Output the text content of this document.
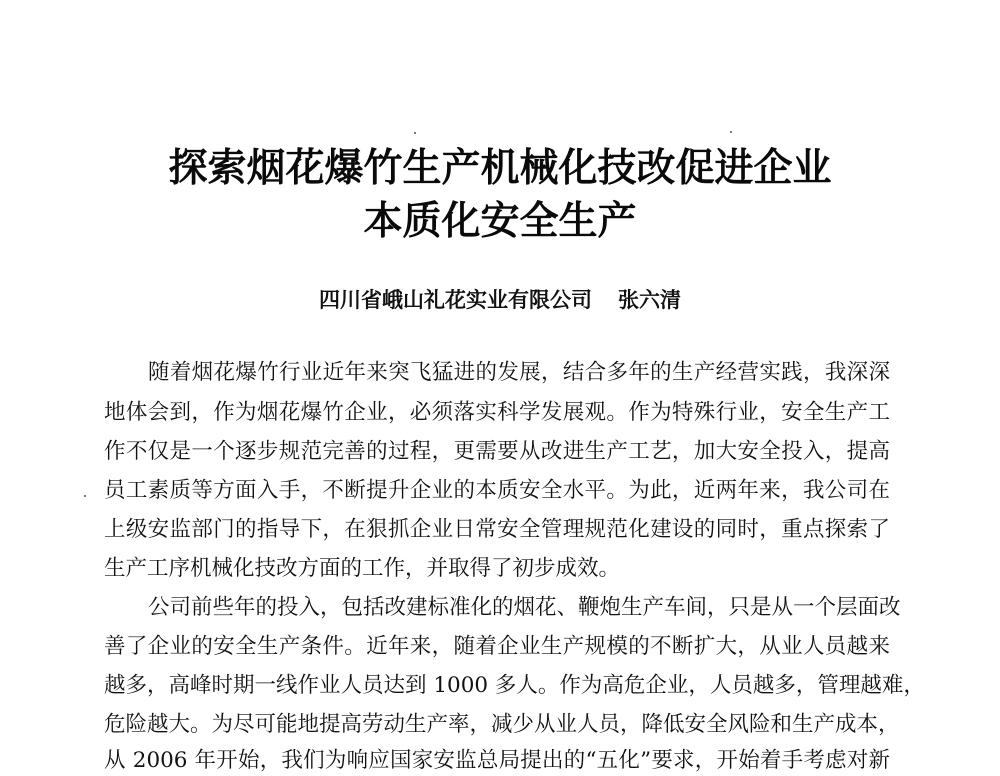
探索烟花爆竹生产机械化技改促进企业
本质化安全生产
四川省峨山礼花实业有限公司 张六清
随着烟花爆竹行业近年来突飞猛进的发展，结合多年的生产经营实践，我深深
地体会到，作为烟花爆竹企业，必须落实科学发展观。作为特殊行业，安全生产工
作不仅是一个逐步规范完善的过程，更需要从改进生产工艺，加大安全投入，提高
员工素质等方面入手，不断提升企业的本质安全水平。为此，近两年来，我公司在
上级安监部门的指导下，在狠抓企业日常安全管理规范化建设的同时，重点探索了
生产工序机械化技改方面的工作，并取得了初步成效。
公司前些年的投入，包括改建标准化的烟花、鞭炮生产车间，只是从一个层面改
善了企业的安全生产条件。近年来，随着企业生产规模的不断扩大，从业人员越来
越多，高峰时期一线作业人员达到 1000 多人。作为高危企业，人员越多，管理越难，
危险越大。为尽可能地提高劳动生产率，减少从业人员，降低安全风险和生产成本，
从 2006 年开始，我们为响应国家安监总局提出的“五化”要求，开始着手考虑对新
